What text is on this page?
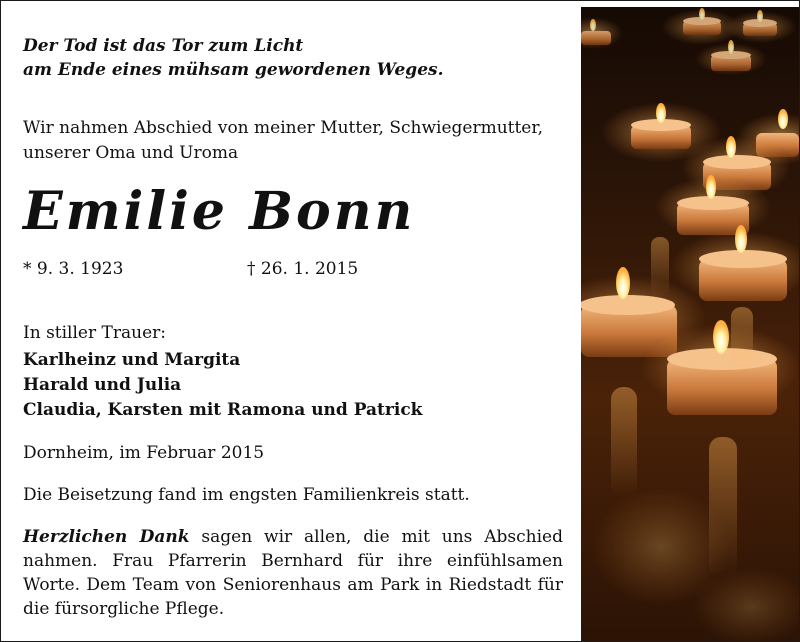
Der Tod ist das Tor zum Licht
am Ende eines mühsam gewordenen Weges.
Wir nahmen Abschied von meiner Mutter, Schwiegermutter,
unserer Oma und Uroma
Emilie Bonn
* 9. 3. 1923	† 26. 1. 2015
In stiller Trauer:
Karlheinz und Margita
Harald und Julia
Claudia, Karsten mit Ramona und Patrick
Dornheim, im Februar 2015
Die Beisetzung fand im engsten Familienkreis statt.
Herzlichen Dank sagen wir allen, die mit uns Abschied nahmen. Frau Pfarrerin Bernhard für ihre einfühlsamen Worte. Dem Team von Seniorenhaus am Park in Riedstadt für die fürsorgliche Pflege.
